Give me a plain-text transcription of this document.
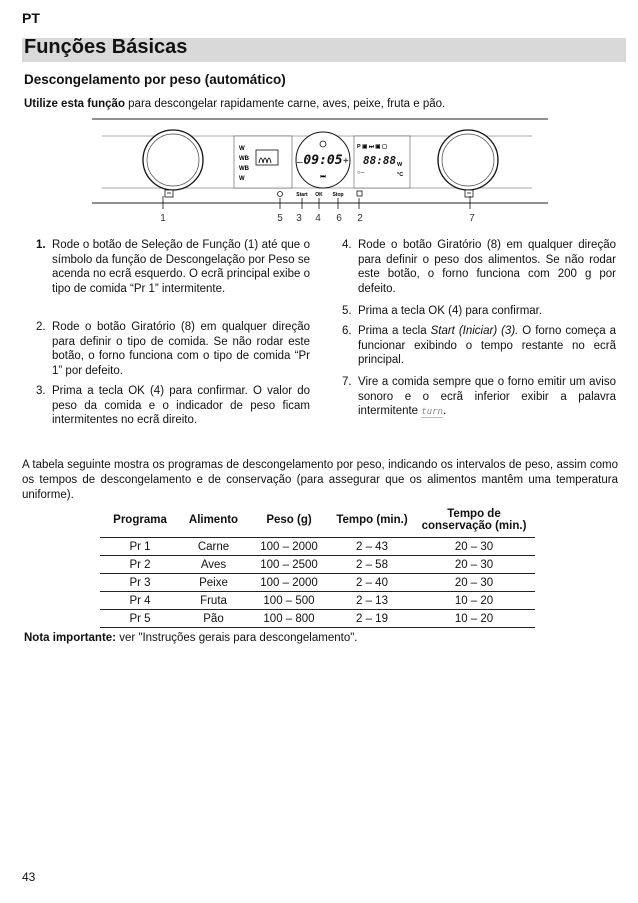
PT
Funções Básicas
Descongelamento por peso (automático)
Utilize esta função para descongelar rapidamente carne, aves, peixe, fruta e pão.
W
WB
WB
W
–	+
09:05
⏭
P ▣ ⏭ ▣ ▢
88:88
○─
W
°C
Start OK Stop
1	5 3 4 6 2	7
1. Rode o botão de Seleção de Função (1) até que o símbolo da função de Descongelação por Peso se acenda no ecrã esquerdo. O ecrã principal exibe o tipo de comida “Pr 1” intermitente.
2. Rode o botão Giratório (8) em qualquer direção para definir o tipo de comida. Se não rodar este botão, o forno funciona com o tipo de comida “Pr 1” por defeito.
3. Prima a tecla OK (4) para confirmar. O valor do peso da comida e o indicador de peso ficam intermitentes no ecrã direito.
4. Rode o botão Giratório (8) em qualquer direção para definir o peso dos alimentos. Se não rodar este botão, o forno funciona com 200 g por defeito.
5. Prima a tecla OK (4) para confirmar.
6. Prima a tecla Start (Iniciar) (3). O forno começa a funcionar exibindo o tempo restante no ecrã principal.
7. Vire a comida sempre que o forno emitir um aviso sonoro e o ecrã inferior exibir a palavra intermitente turn.
A tabela seguinte mostra os programas de descongelamento por peso, indicando os intervalos de peso, assim como os tempos de descongelamento e de conservação (para assegurar que os alimentos mantêm uma temperatura uniforme).
Programa	Alimento	Peso (g)	Tempo (min.)	Tempo de conservação (min.)
Pr 1	Carne	100 – 2000	2 – 43	20 – 30
Pr 2	Aves	100 – 2500	2 – 58	20 – 30
Pr 3	Peixe	100 – 2000	2 – 40	20 – 30
Pr 4	Fruta	100 – 500	2 – 13	10 – 20
Pr 5	Pão	100 – 800	2 – 19	10 – 20
Nota importante: ver "Instruções gerais para descongelamento".
43
